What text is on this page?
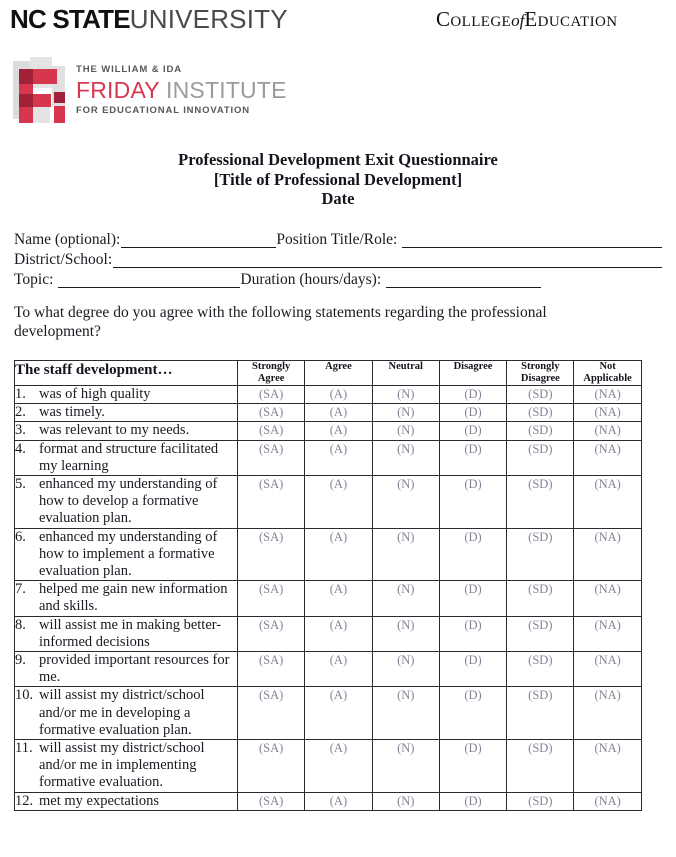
NC STATEUNIVERSITY	CollegeofEducation
THE WILLIAM & IDA
FRIDAY INSTITUTE
FOR EDUCATIONAL INNOVATION
Professional Development Exit Questionnaire
[Title of Professional Development]
Date
Name (optional):	Position Title/Role:
District/School:
Topic:	Duration (hours/days):
To what degree do you agree with the following statements regarding the professional development?
The staff development…	Strongly Agree	Agree	Neutral	Disagree	Strongly Disagree	Not Applicable

1. was of high quality	(SA)	(A)	(N)	(D)	(SD)	(NA)

2. was timely.	(SA)	(A)	(N)	(D)	(SD)	(NA)

3. was relevant to my needs.	(SA)	(A)	(N)	(D)	(SD)	(NA)

4. format and structure facilitated my learning	(SA)	(A)	(N)	(D)	(SD)	(NA)

5. enhanced my understanding of how to develop a formative evaluation plan.	(SA)	(A)	(N)	(D)	(SD)	(NA)

6. enhanced my understanding of how to implement a formative evaluation plan.	(SA)	(A)	(N)	(D)	(SD)	(NA)

7. helped me gain new information and skills.	(SA)	(A)	(N)	(D)	(SD)	(NA)

8. will assist me in making better-informed decisions	(SA)	(A)	(N)	(D)	(SD)	(NA)

9. provided important resources for me.	(SA)	(A)	(N)	(D)	(SD)	(NA)

10. will assist my district/school and/or me in developing a formative evaluation plan.	(SA)	(A)	(N)	(D)	(SD)	(NA)

11. will assist my district/school and/or me in implementing formative evaluation.	(SA)	(A)	(N)	(D)	(SD)	(NA)

12. met my expectations	(SA)	(A)	(N)	(D)	(SD)	(NA)
